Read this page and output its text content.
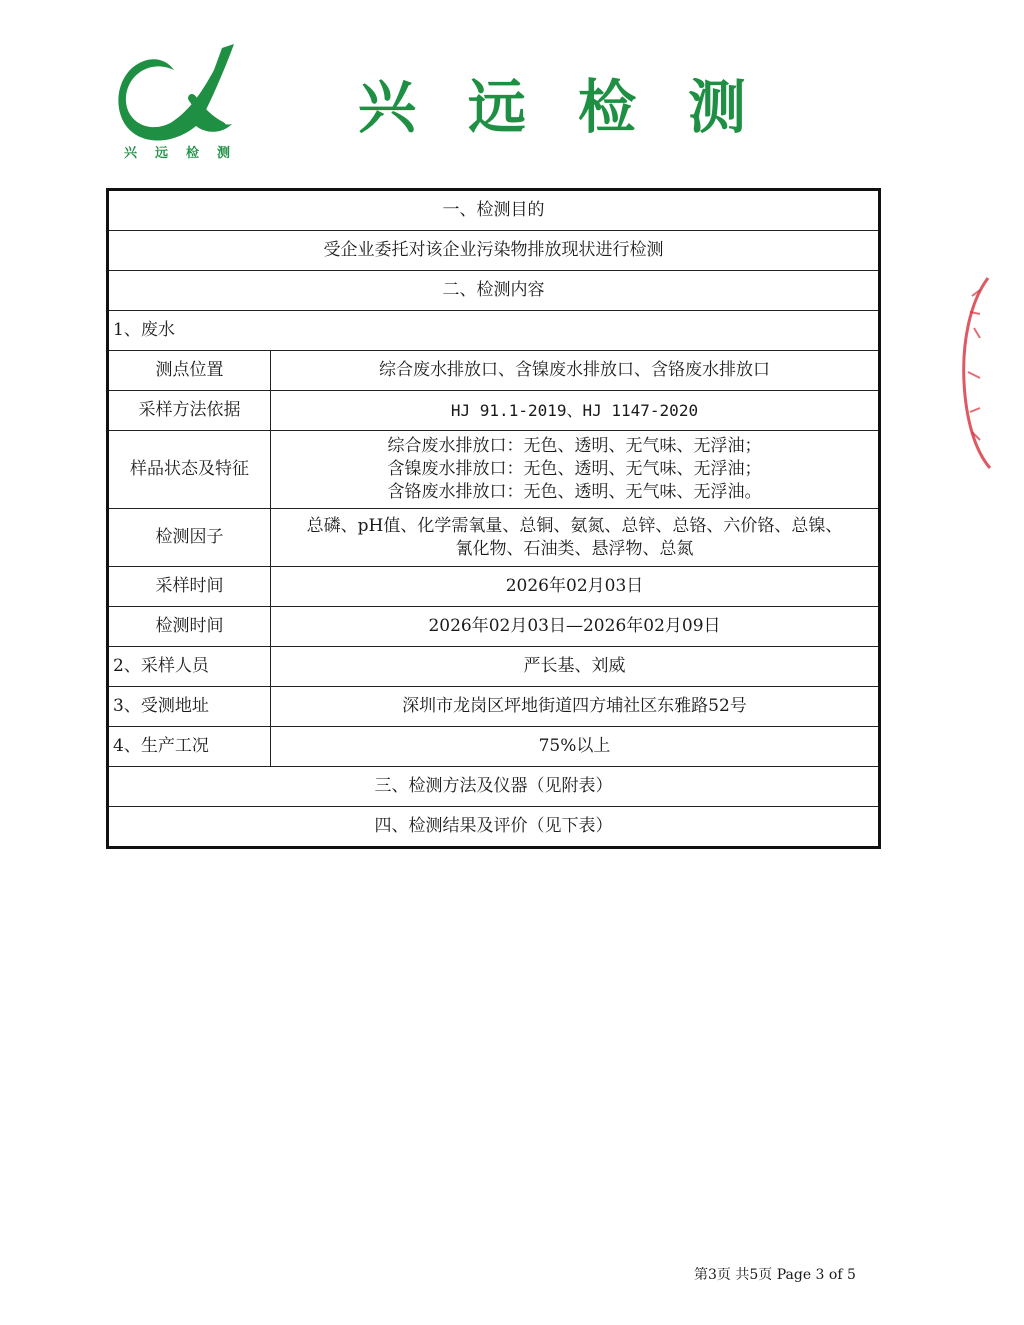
兴 远 检 测
兴 远 检 测
一、检测目的	
受企业委托对该企业污染物排放现状进行检测	
二、检测内容	
1、废水	
测点位置	综合废水排放口、含镍废水排放口、含铬废水排放口
采样方法依据	HJ 91.1-2019、HJ 1147-2020
样品状态及特征	综合废水排放口：无色、透明、无气味、无浮油；
含镍废水排放口：无色、透明、无气味、无浮油；
含铬废水排放口：无色、透明、无气味、无浮油。

检测因子	总磷、pH值、化学需氧量、总铜、氨氮、总锌、总铬、六价铬、总镍、
氰化物、石油类、悬浮物、总氮

采样时间	2026年02月03日
检测时间	2026年02月03日—2026年02月09日
2、采样人员	严长基、刘威
3、受测地址	深圳市龙岗区坪地街道四方埔社区东雅路52号
4、生产工况	75%以上
三、检测方法及仪器（见附表）	
四、检测结果及评价（见下表）	
第3页 共5页 Page 3 of 5
